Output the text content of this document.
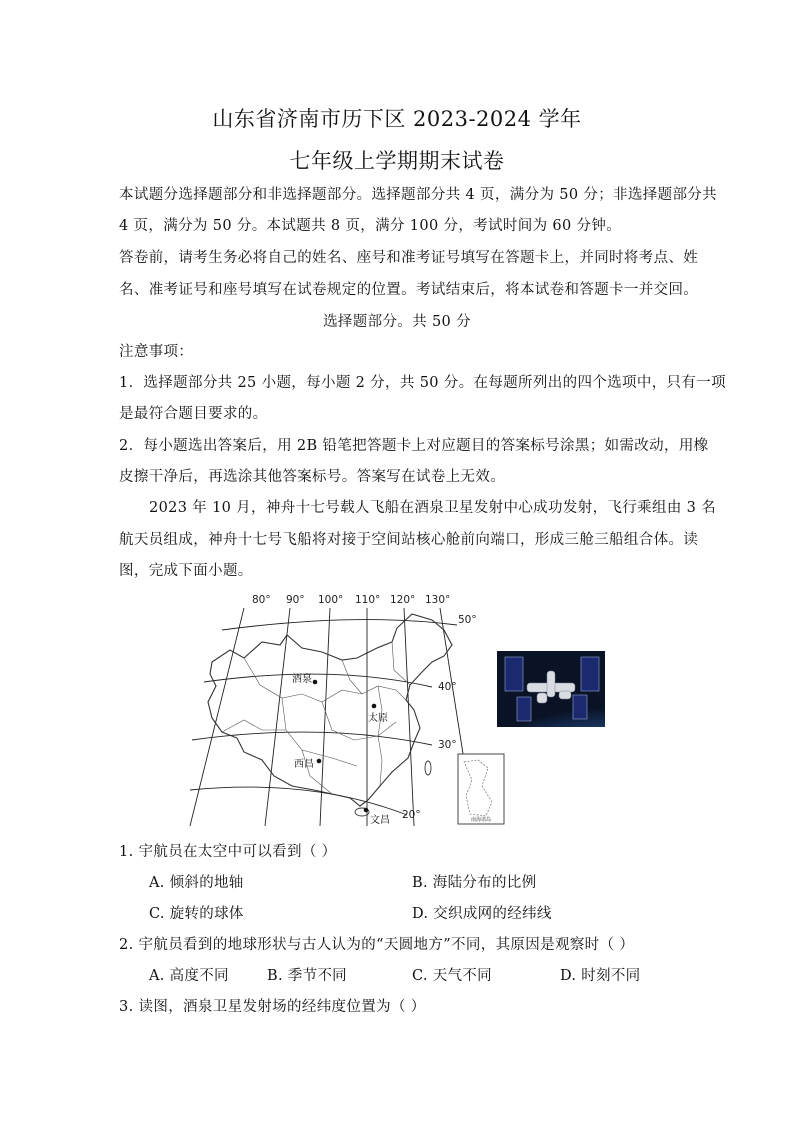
山东省济南市历下区 2023-2024 学年
七年级上学期期末试卷
本试题分选择题部分和非选择题部分。选择题部分共 4 页，满分为 50 分；非选择题部分共
4 页，满分为 50 分。本试题共 8 页，满分 100 分，考试时间为 60 分钟。
答卷前，请考生务必将自己的姓名、座号和准考证号填写在答题卡上，并同时将考点、姓
名、准考证号和座号填写在试卷规定的位置。考试结束后，将本试卷和答题卡一并交回。
选择题部分。共 50 分
注意事项：
1．选择题部分共 25 小题，每小题 2 分，共 50 分。在每题所列出的四个选项中，只有一项
是最符合题目要求的。
2．每小题选出答案后，用 2B 铅笔把答题卡上对应题目的答案标号涂黑；如需改动，用橡
皮擦干净后，再选涂其他答案标号。答案写在试卷上无效。
2023 年 10 月，神舟十七号载人飞船在酒泉卫星发射中心成功发射，飞行乘组由 3 名
航天员组成，神舟十七号飞船将对接于空间站核心舱前向端口，形成三舱三船组合体。读
图，完成下面小题。
80° 90° 100° 110° 120° 130°
50°
40°
30°
20°
酒泉
太原
西昌
文昌	南海诸岛
1. 宇航员在太空中可以看到（ ）
A. 倾斜的地轴	B. 海陆分布的比例
C. 旋转的球体	D. 交织成网的经纬线
2. 宇航员看到的地球形状与古人认为的“天圆地方”不同，其原因是观察时（ ）
A. 高度不同	B. 季节不同	C. 天气不同	D. 时刻不同
3. 读图，酒泉卫星发射场的经纬度位置为（ ）
